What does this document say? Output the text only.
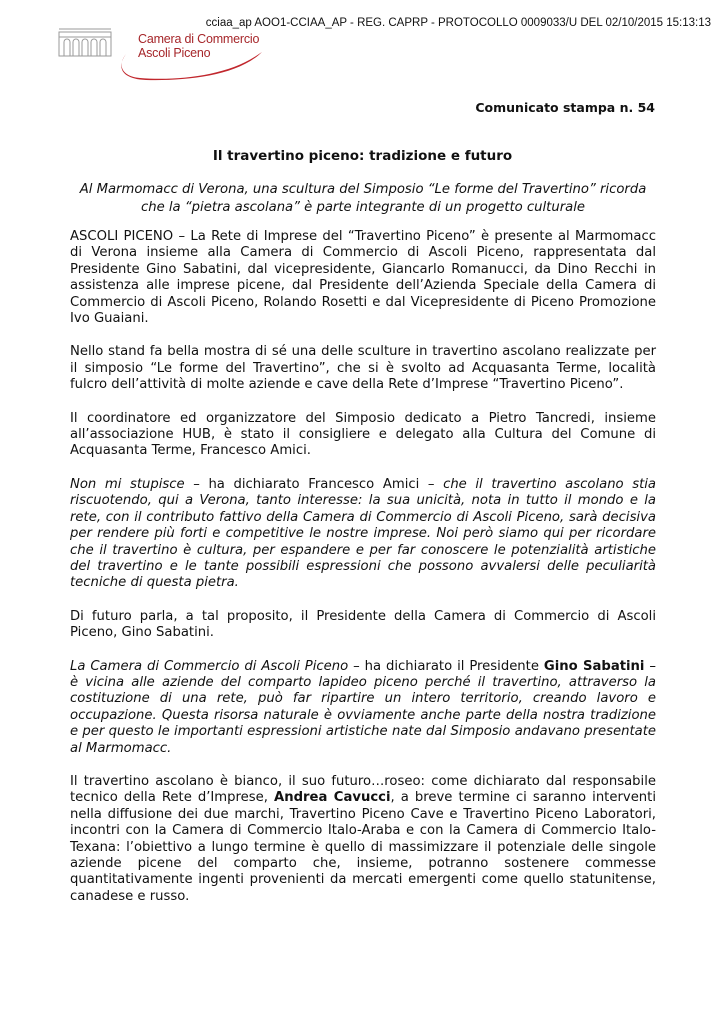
cciaa_ap AOO1-CCIAA_AP - REG. CAPRP - PROTOCOLLO 0009033/U DEL 02/10/2015 15:13:13
Camera di Commercio
Ascoli Piceno
Comunicato stampa n. 54
Il travertino piceno: tradizione e futuro
Al Marmomacc di Verona, una scultura del Simposio “Le forme del Travertino” ricorda
che la “pietra ascolana” è parte integrante di un progetto culturale

ASCOLI PICENO – La Rete di Imprese del “Travertino Piceno” è presente al Marmomacc di Verona insieme alla Camera di Commercio di Ascoli Piceno, rappresentata dal Presidente Gino Sabatini, dal vicepresidente, Giancarlo Romanucci, da Dino Recchi in assistenza alle imprese picene, dal Presidente dell’Azienda Speciale della Camera di Commercio di Ascoli Piceno, Rolando Rosetti e dal Vicepresidente di Piceno Promozione Ivo Guaiani.

Nello stand fa bella mostra di sé una delle sculture in travertino ascolano realizzate per il simposio “Le forme del Travertino”, che si è svolto ad Acquasanta Terme, località fulcro dell’attività di molte aziende e cave della Rete d’Imprese “Travertino Piceno”.

Il coordinatore ed organizzatore del Simposio dedicato a Pietro Tancredi, insieme all’associazione HUB, è stato il consigliere e delegato alla Cultura del Comune di Acquasanta Terme, Francesco Amici.

Non mi stupisce – ha dichiarato Francesco Amici – che il travertino ascolano stia riscuotendo, qui a Verona, tanto interesse: la sua unicità, nota in tutto il mondo e la rete, con il contributo fattivo della Camera di Commercio di Ascoli Piceno, sarà decisiva per rendere più forti e competitive le nostre imprese. Noi però siamo qui per ricordare che il travertino è cultura, per espandere e per far conoscere le potenzialità artistiche del travertino e le tante possibili espressioni che possono avvalersi delle peculiarità tecniche di questa pietra.

Di futuro parla, a tal proposito, il Presidente della Camera di Commercio di Ascoli Piceno, Gino Sabatini.

La Camera di Commercio di Ascoli Piceno – ha dichiarato il Presidente Gino Sabatini – è vicina alle aziende del comparto lapideo piceno perché il travertino, attraverso la costituzione di una rete, può far ripartire un intero territorio, creando lavoro e occupazione. Questa risorsa naturale è ovviamente anche parte della nostra tradizione e per questo le importanti espressioni artistiche nate dal Simposio andavano presentate al Marmomacc.

Il travertino ascolano è bianco, il suo futuro…roseo: come dichiarato dal responsabile tecnico della Rete d’Imprese, Andrea Cavucci, a breve termine ci saranno interventi nella diffusione dei due marchi, Travertino Piceno Cave e Travertino Piceno Laboratori, incontri con la Camera di Commercio Italo-Araba e con la Camera di Commercio Italo-Texana: l’obiettivo a lungo termine è quello di massimizzare il potenziale delle singole aziende picene del comparto che, insieme, potranno sostenere commesse quantitativamente ingenti provenienti da mercati emergenti come quello statunitense, canadese e russo.
